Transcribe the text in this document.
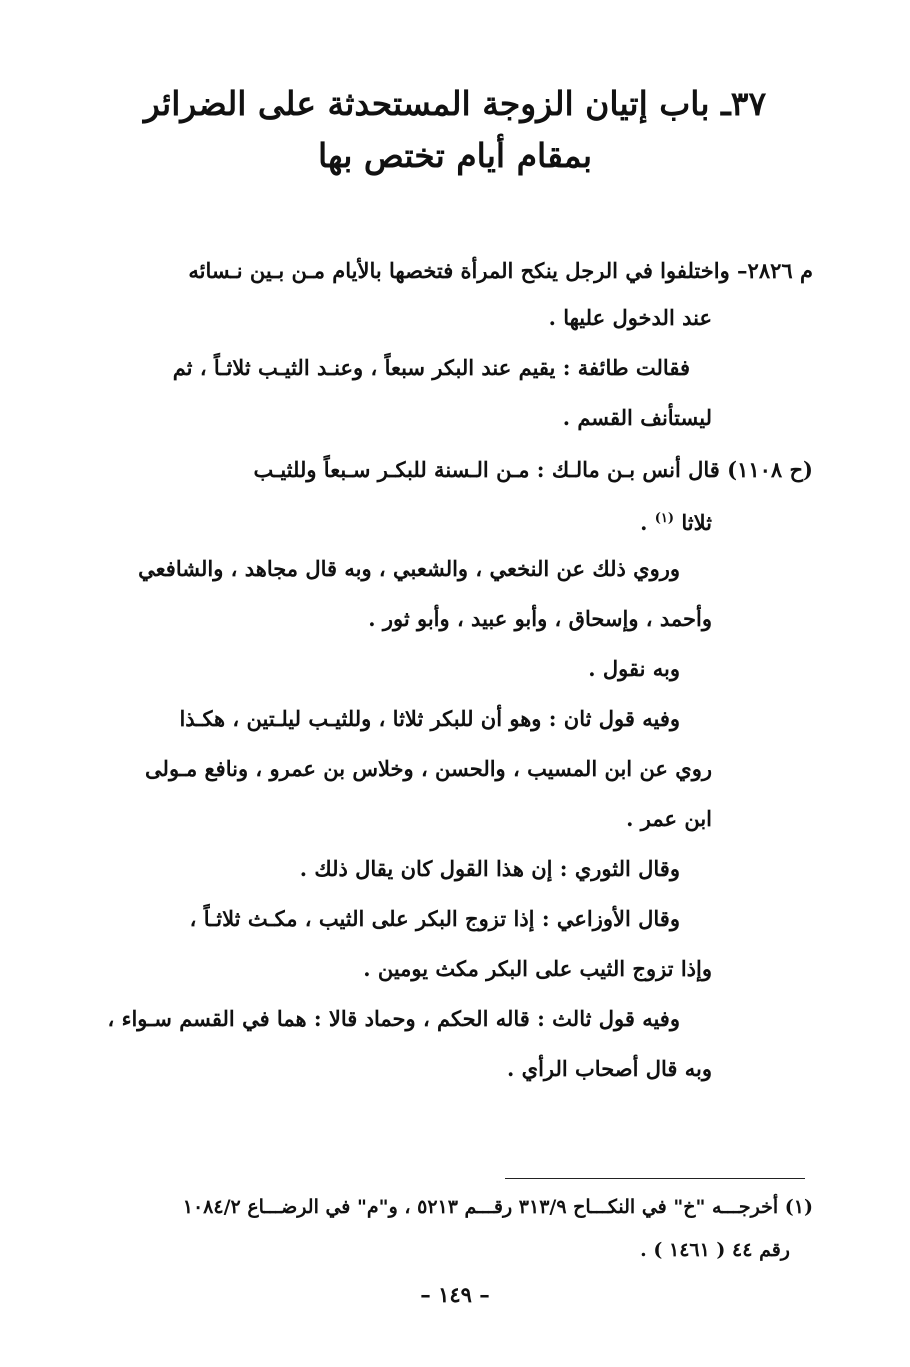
٣٧ـ باب إتيان الزوجة المستحدثة على الضرائر
بمقام أيام تختص بها
م ٢٨٢٦– واختلفوا في الرجل ينكح المرأة فتخصها بالأيام مـن بـين نـسائه
عند الدخول عليها .
فقالت طائفة : يقيم عند البكر سبعاً ، وعنـد الثيـب ثلاثـاً ، ثم
ليستأنف القسم .
(ح ١١٠٨) قال أنس بـن مالـك : مـن الـسنة للبكـر سـبعاً وللثيـب
ثلاثا $^{(١)}$ .
وروي ذلك عن النخعي ، والشعبي ، وبه قال مجاهد ، والشافعي
وأحمد ، وإسحاق ، وأبو عبيد ، وأبو ثور .
وبه نقول .
وفيه قول ثان : وهو أن للبكر ثلاثا ، وللثيـب ليلـتين ، هكـذا
روي عن ابن المسيب ، والحسن ، وخلاس بن عمرو ، ونافع مـولى
ابن عمر .
وقال الثوري : إن هذا القول كان يقال ذلك .
وقال الأوزاعي : إذا تزوج البكر على الثيب ، مكـث ثلاثـاً ،
وإذا تزوج الثيب على البكر مكث يومين .
وفيه قول ثالث : قاله الحكم ، وحماد قالا : هما في القسم سـواء ،
وبه قال أصحاب الرأي .
(١) أخرجـــه "خ" في النكـــاح ٣١٣/٩ رقـــم ٥٢١٣ ، و"م" في الرضـــاع ١٠٨٤/٢
رقم ٤٤ ( ١٤٦١ ) .
– ١٤٩ –
